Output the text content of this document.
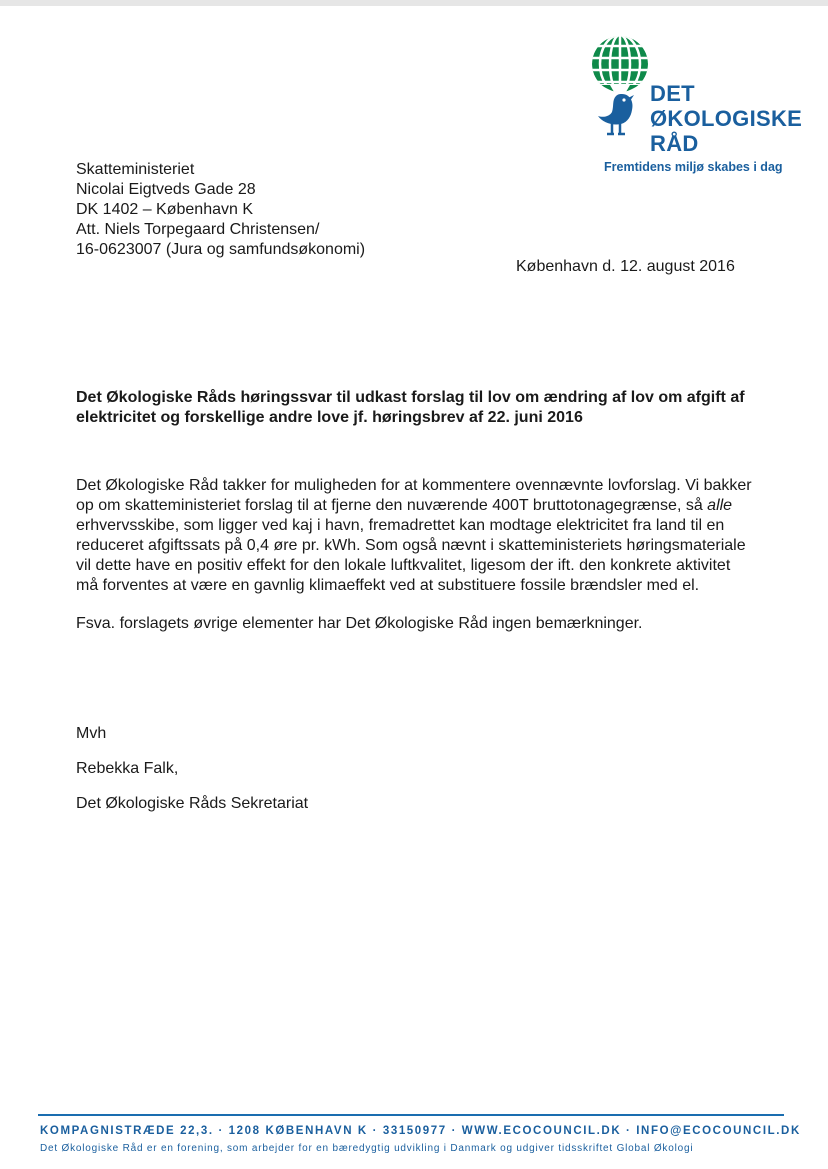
DET
ØKOLOGISKE
RÅD
Fremtidens miljø skabes i dag
Skatteministeriet
Nicolai Eigtveds Gade 28
DK 1402 – København K
Att. Niels Torpegaard Christensen/
16-0623007 (Jura og samfundsøkonomi)
København d. 12. august 2016
Det Økologiske Råds høringssvar til udkast forslag til lov om ændring af lov om afgift af elektricitet og forskellige andre love jf. høringsbrev af 22. juni 2016

Det Økologiske Råd takker for muligheden for at kommentere ovennævnte lovforslag. Vi bakker op om skatteministeriet forslag til at fjerne den nuværende 400T bruttotonagegrænse, så alle erhvervsskibe, som ligger ved kaj i havn, fremadrettet kan modtage elektricitet fra land til en reduceret afgiftssats på 0,4 øre pr. kWh. Som også nævnt i skatteministeriets høringsmateriale vil dette have en positiv effekt for den lokale luftkvalitet, ligesom der ift. den konkrete aktivitet må forventes at være en gavnlig klimaeffekt ved at substituere fossile brændsler med el.

Fsva. forslagets øvrige elementer har Det Økologiske Råd ingen bemærkninger.

Mvh
Rebekka Falk,
Det Økologiske Råds Sekretariat
KOMPAGNISTRÆDE 22,3. · 1208 KØBENHAVN K · 33150977 · WWW.ECOCOUNCIL.DK · INFO@ECOCOUNCIL.DK
Det Økologiske Råd er en forening, som arbejder for en bæredygtig udvikling i Danmark og udgiver tidsskriftet Global Økologi
